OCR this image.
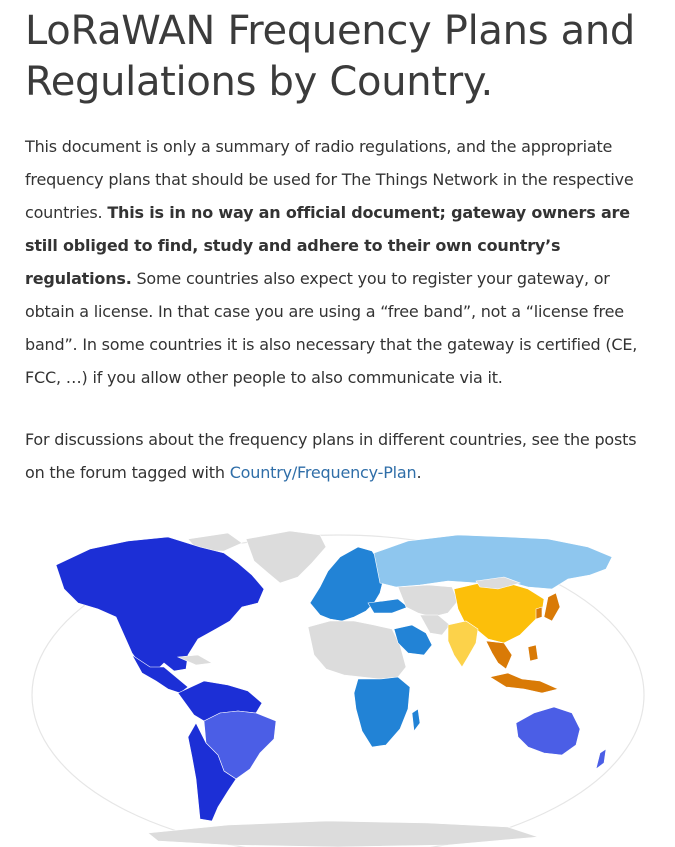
LoRaWAN Frequency Plans and Regulations by Country.

This document is only a summary of radio regulations, and the appropriate frequency plans that should be used for The Things Network in the respective countries. This is in no way an official document; gateway owners are still obliged to find, study and adhere to their own country’s regulations. Some countries also expect you to register your gateway, or obtain a license. In that case you are using a “free band”, not a “license free band”. In some countries it is also necessary that the gateway is certified (CE, FCC, …) if you allow other people to also communicate via it.

For discussions about the frequency plans in different countries, see the posts on the forum tagged with Country/Frequency-Plan.
